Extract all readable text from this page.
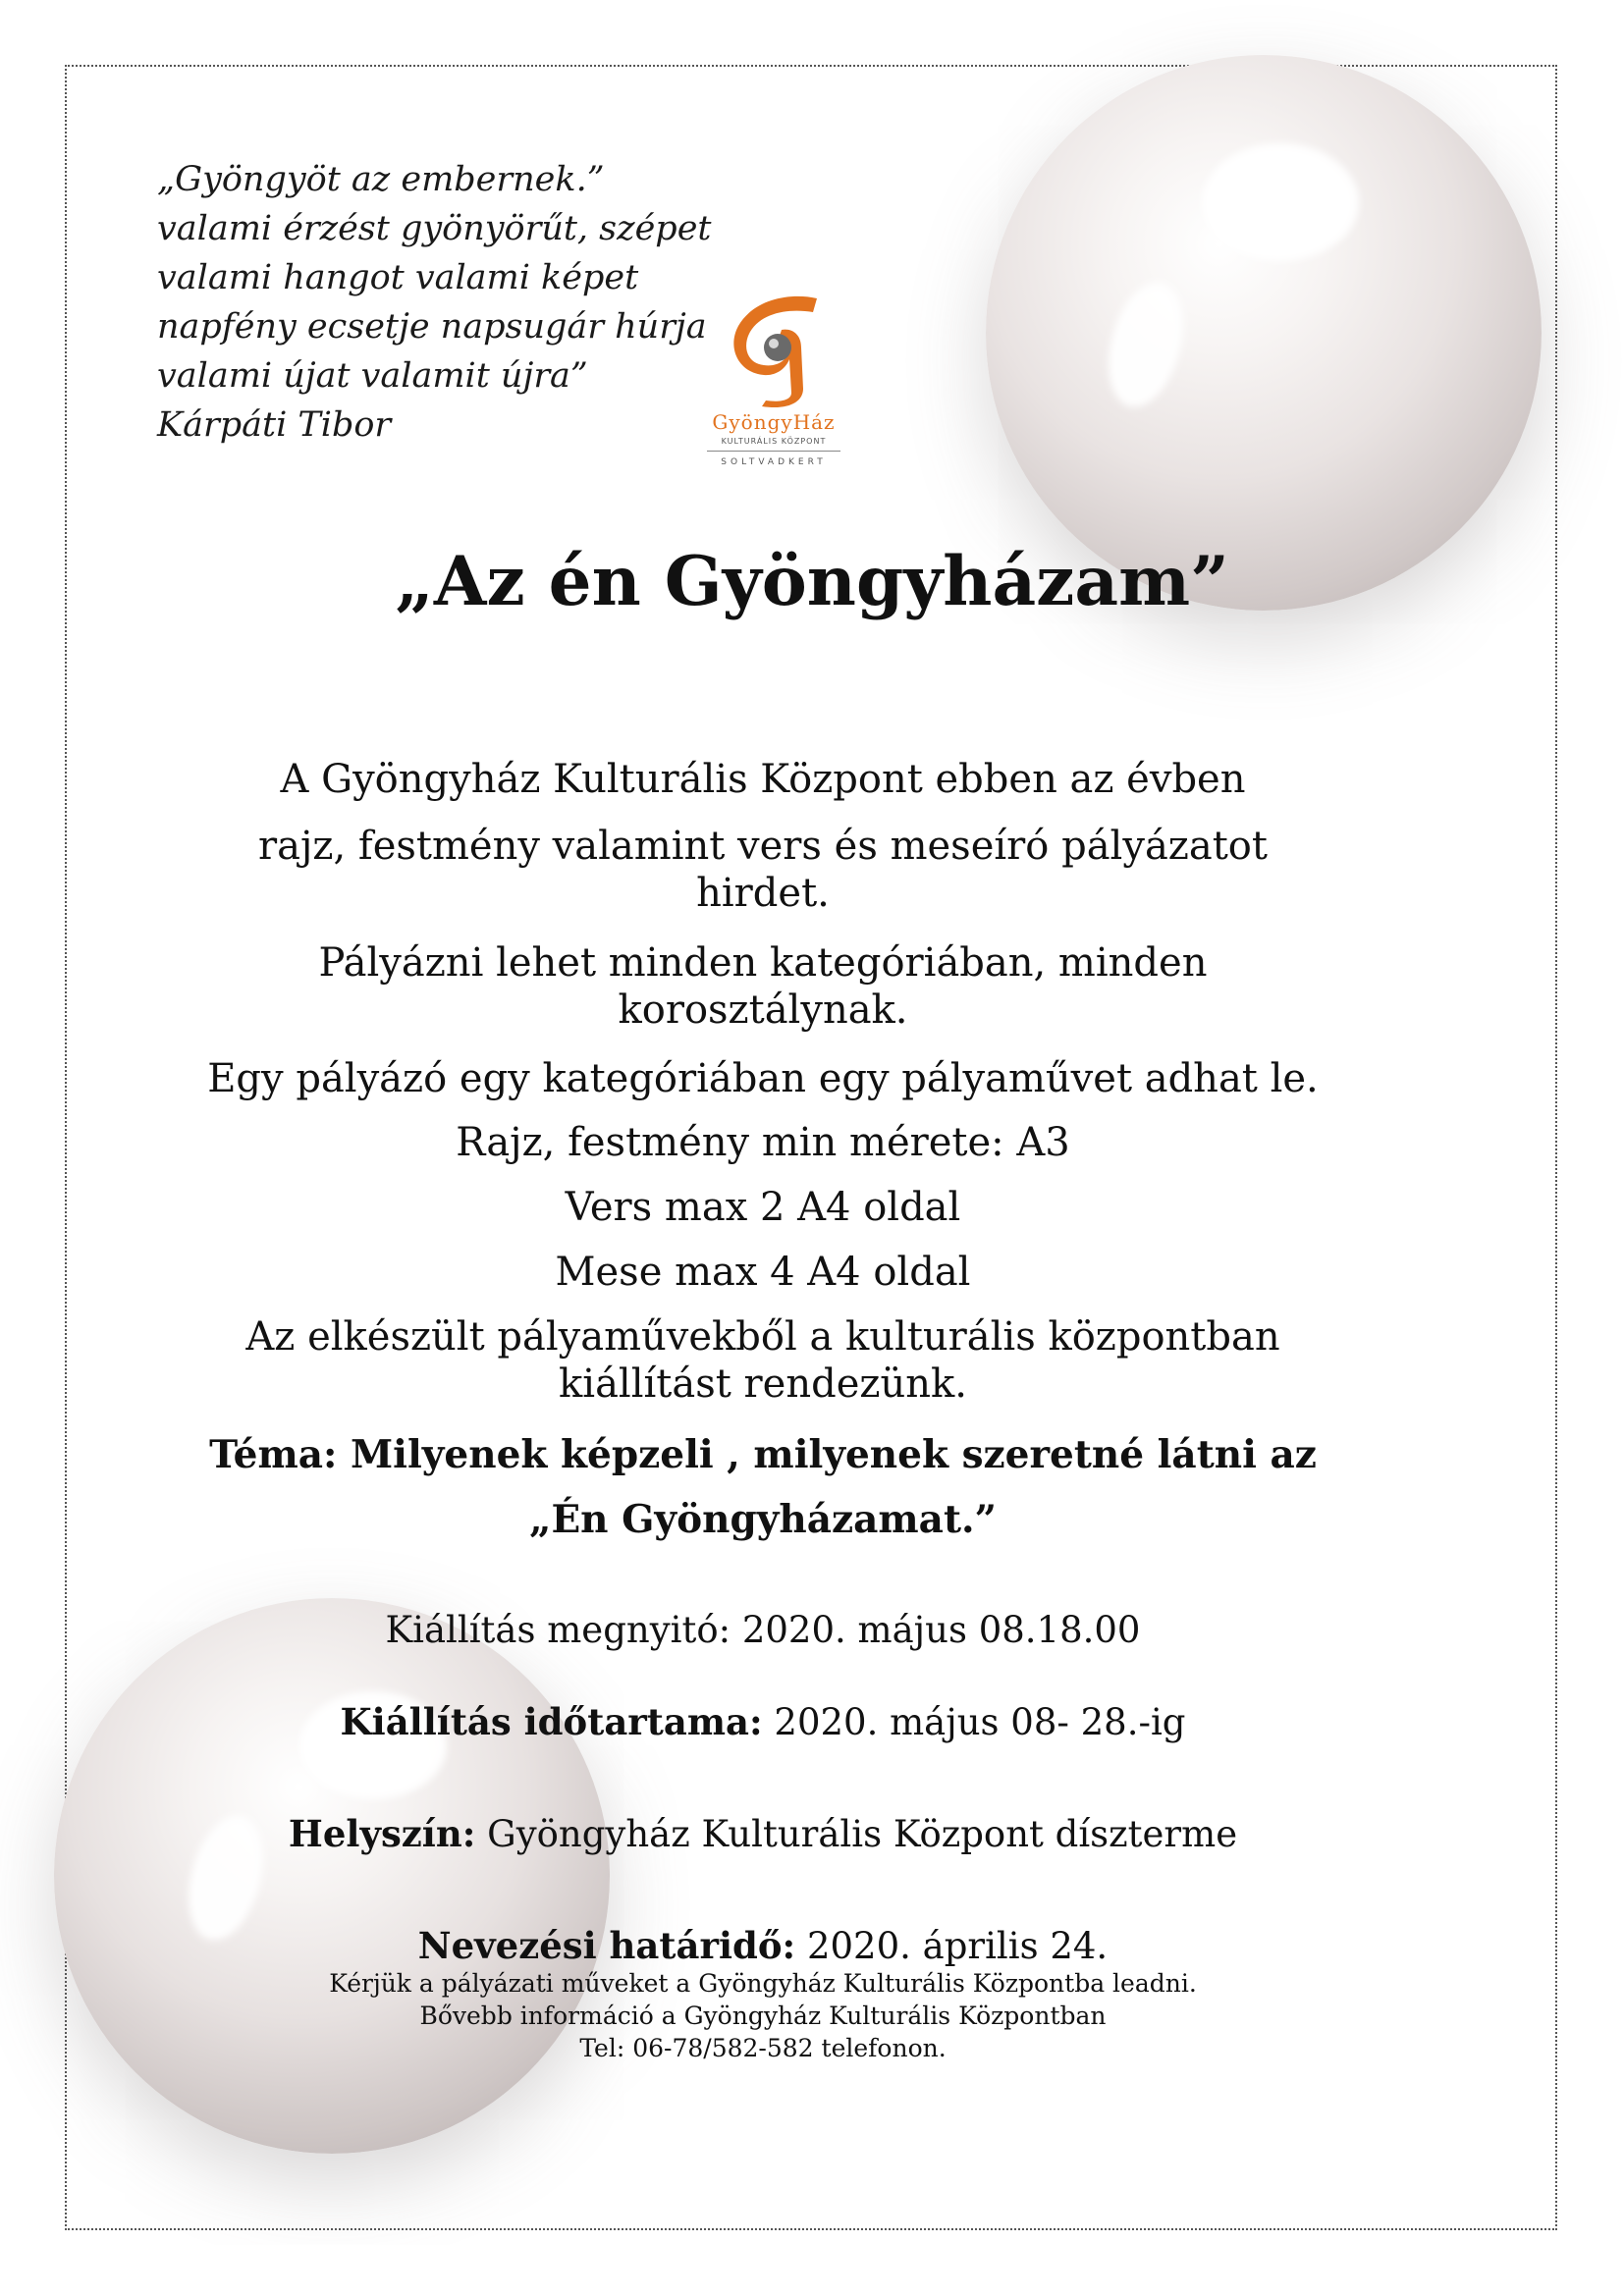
„Gyöngyöt az embernek.”
valami érzést gyönyörűt, szépet
valami hangot valami képet
napfény ecsetje napsugár húrja
valami újat valamit újra”
Kárpáti Tibor	GyöngyHáz
KULTURÁLIS KÖZPONT
SOLTVADKERT
„Az én Gyöngyházam”
A Gyöngyház Kulturális Központ ebben az évben
rajz, festmény valamint vers és meseíró pályázatot hirdet.
Pályázni lehet minden kategóriában, minden korosztálynak.
Egy pályázó egy kategóriában egy pályaművet adhat le.
Rajz, festmény min mérete: A3
Vers max 2 A4 oldal
Mese max 4 A4 oldal
Az elkészült pályaművekből a kulturális központban kiállítást rendezünk.
Téma: Milyenek képzeli , milyenek szeretné látni az
„Én Gyöngyházamat.”
Kiállítás megnyitó: 2020. május 08.18.00
Kiállítás időtartama: 2020. május 08- 28.-ig
Helyszín: Gyöngyház Kulturális Központ díszterme
Nevezési határidő: 2020. április 24.
Kérjük a pályázati műveket a Gyöngyház Kulturális Központba leadni.
Bővebb információ a Gyöngyház Kulturális Központban
Tel: 06-78/582-582 telefonon.
